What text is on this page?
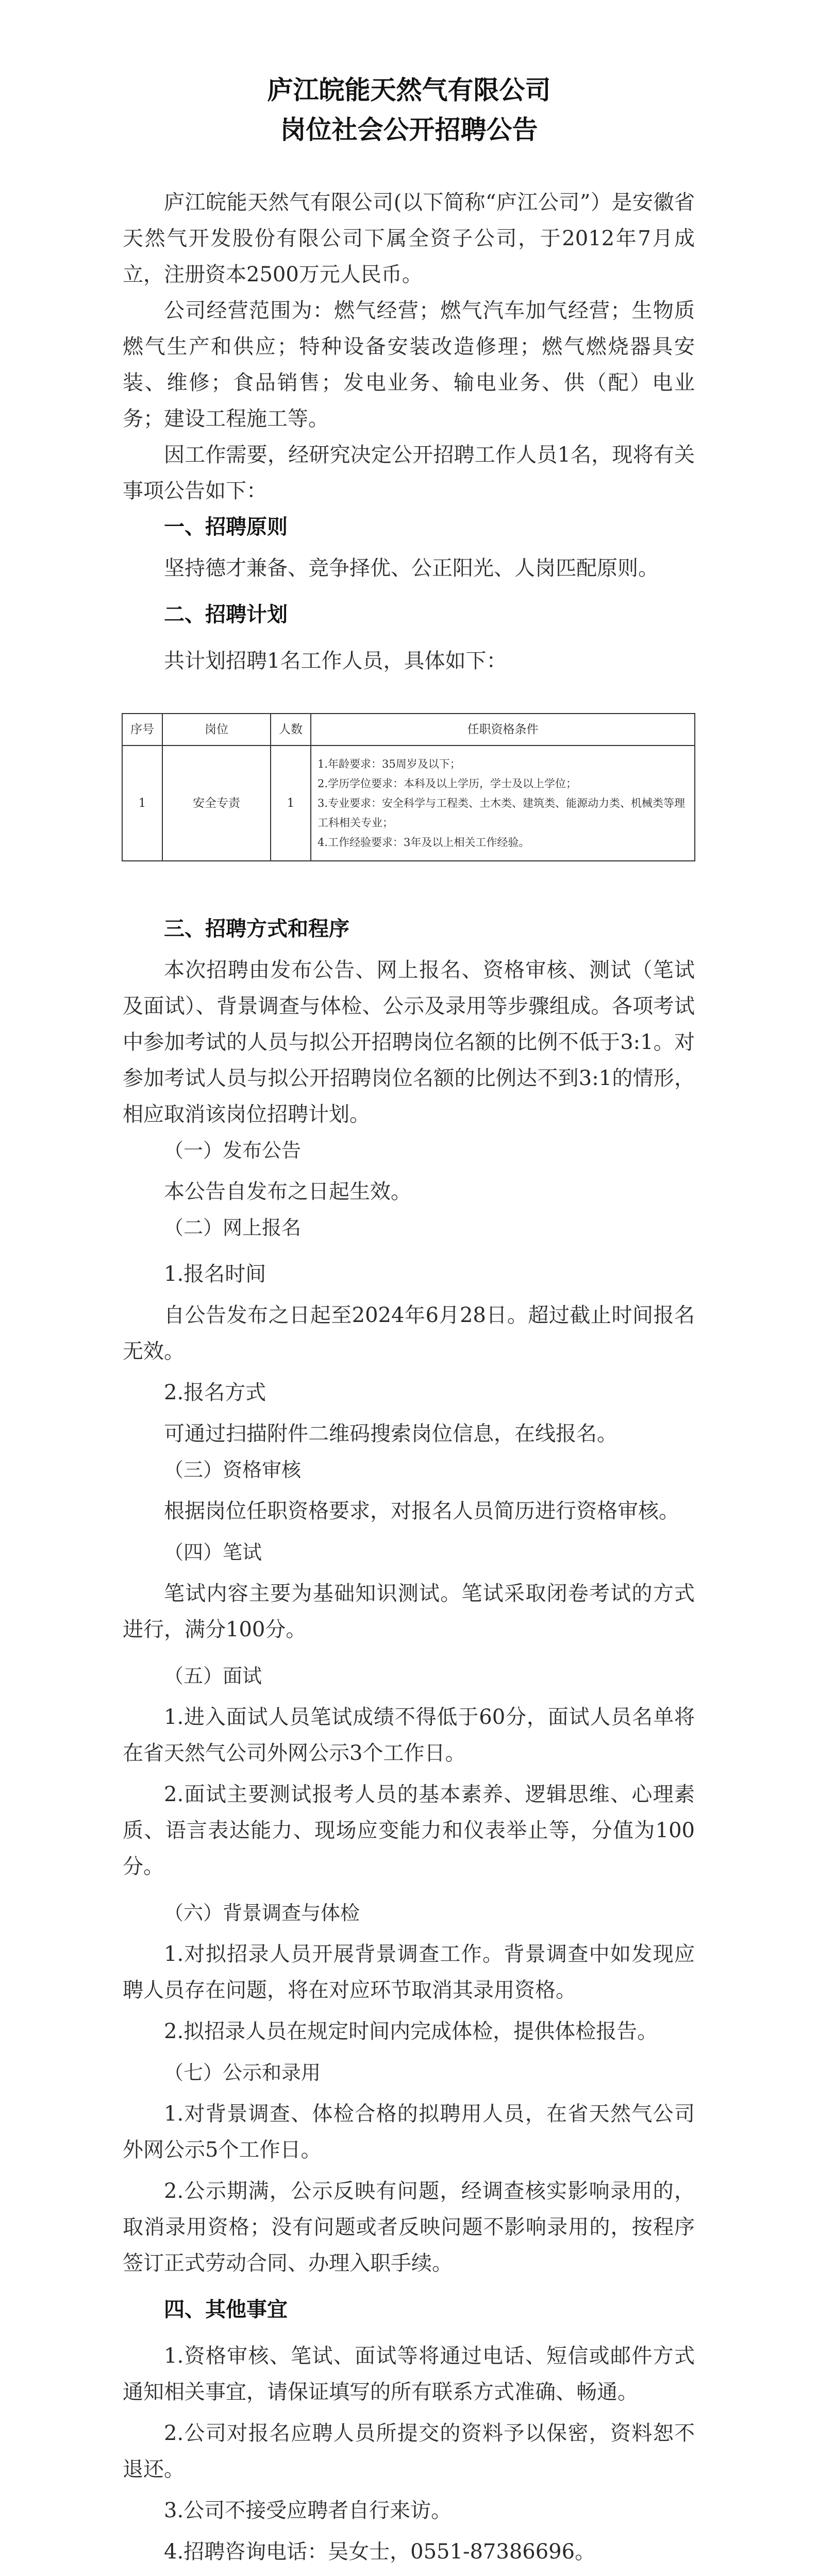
庐江皖能天然气有限公司
岗位社会公开招聘公告

庐江皖能天然气有限公司(以下简称“庐江公司”）是安徽省天然气开发股份有限公司下属全资子公司，于2012年7月成立，注册资本2500万元人民币。

公司经营范围为：燃气经营；燃气汽车加气经营；生物质燃气生产和供应；特种设备安装改造修理；燃气燃烧器具安装、维修；食品销售；发电业务、输电业务、供（配）电业务；建设工程施工等。

因工作需要，经研究决定公开招聘工作人员1名，现将有关事项公告如下：

一、招聘原则

坚持德才兼备、竞争择优、公正阳光、人岗匹配原则。

二、招聘计划

共计划招聘1名工作人员，具体如下：

序号	岗位	人数	任职资格条件
1	安全专责	1	1.年龄要求：35周岁及以下；
2.学历学位要求：本科及以上学历，学士及以上学位；
3.专业要求：安全科学与工程类、土木类、建筑类、能源动力类、机械类等理工科相关专业；
4.工作经验要求：3年及以上相关工作经验。

三、招聘方式和程序

本次招聘由发布公告、网上报名、资格审核、测试（笔试及面试）、背景调查与体检、公示及录用等步骤组成。各项考试中参加考试的人员与拟公开招聘岗位名额的比例不低于3:1。对参加考试人员与拟公开招聘岗位名额的比例达不到3:1的情形，相应取消该岗位招聘计划。

（一）发布公告

本公告自发布之日起生效。

（二）网上报名

1.报名时间

自公告发布之日起至2024年6月28日。超过截止时间报名无效。

2.报名方式

可通过扫描附件二维码搜索岗位信息，在线报名。

（三）资格审核

根据岗位任职资格要求，对报名人员简历进行资格审核。

（四）笔试

笔试内容主要为基础知识测试。笔试采取闭卷考试的方式进行，满分100分。

（五）面试

1.进入面试人员笔试成绩不得低于60分，面试人员名单将在省天然气公司外网公示3个工作日。

2.面试主要测试报考人员的基本素养、逻辑思维、心理素质、语言表达能力、现场应变能力和仪表举止等，分值为100分。

（六）背景调查与体检

1.对拟招录人员开展背景调查工作。背景调查中如发现应聘人员存在问题，将在对应环节取消其录用资格。

2.拟招录人员在规定时间内完成体检，提供体检报告。

（七）公示和录用

1.对背景调查、体检合格的拟聘用人员，在省天然气公司外网公示5个工作日。

2.公示期满，公示反映有问题，经调查核实影响录用的，取消录用资格；没有问题或者反映问题不影响录用的，按程序签订正式劳动合同、办理入职手续。

四、其他事宜

1.资格审核、笔试、面试等将通过电话、短信或邮件方式通知相关事宜，请保证填写的所有联系方式准确、畅通。

2.公司对报名应聘人员所提交的资料予以保密，资料恕不退还。

3.公司不接受应聘者自行来访。

4.招聘咨询电话：吴女士，0551-87386696。
